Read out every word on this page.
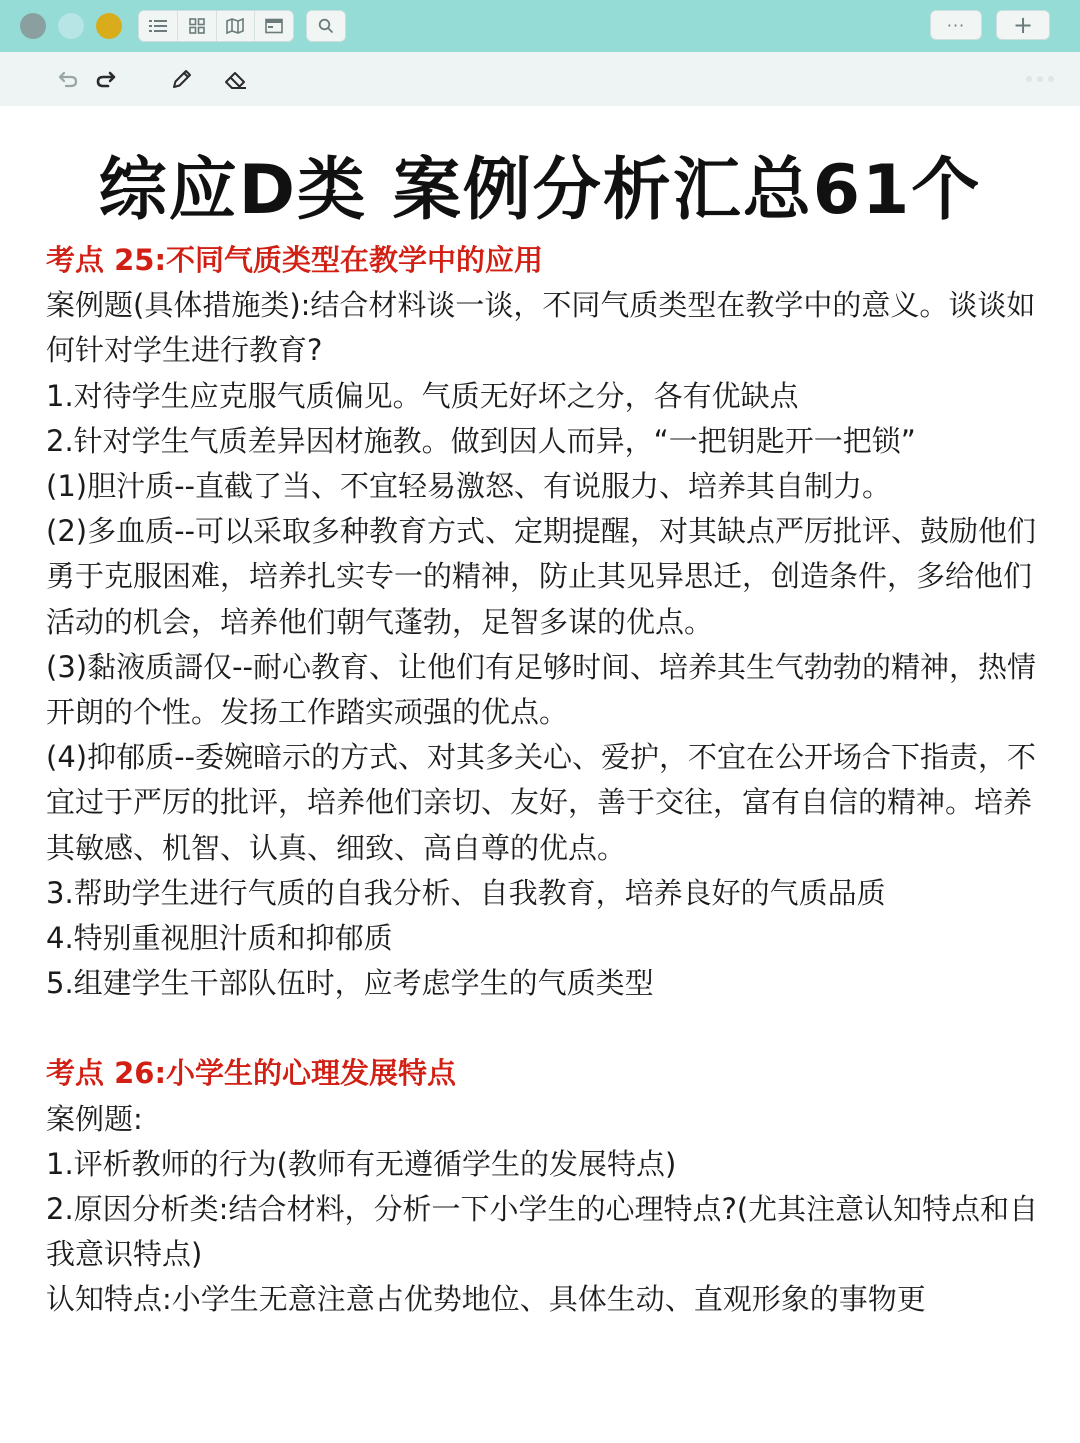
··· +
综应D类 案例分析汇总61个

考点 25:不同气质类型在教学中的应用

案例题(具体措施类):结合材料谈一谈，不同气质类型在教学中的意义。谈谈如何针对学生进行教育?

1.对待学生应克服气质偏见。气质无好坏之分，各有优缺点

2.针对学生气质差异因材施教。做到因人而异，“一把钥匙开一把锁”

(1)胆汁质--直截了当、不宜轻易激怒、有说服力、培养其自制力。

(2)多血质--可以采取多种教育方式、定期提醒，对其缺点严厉批评、鼓励他们勇于克服困难，培养扎实专一的精神，防止其见异思迁，创造条件，多给他们活动的机会，培养他们朝气蓬勃，足智多谋的优点。

(3)黏液质謌仅--耐心教育、让他们有足够时间、培养其生气勃勃的精神，热情开朗的个性。发扬工作踏实顽强的优点。

(4)抑郁质--委婉暗示的方式、对其多关心、爱护，不宜在公开场合下指责，不宜过于严厉的批评，培养他们亲切、友好，善于交往，富有自信的精神。培养其敏感、机智、认真、细致、高自尊的优点。

3.帮助学生进行气质的自我分析、自我教育，培养良好的气质品质

4.特别重视胆汁质和抑郁质

5.组建学生干部队伍时，应考虑学生的气质类型

考点 26:小学生的心理发展特点

案例题:

1.评析教师的行为(教师有无遵循学生的发展特点)

2.原因分析类:结合材料，分析一下小学生的心理特点?(尤其注意认知特点和自我意识特点)

认知特点:小学生无意注意占优势地位、具体生动、直观形象的事物更
